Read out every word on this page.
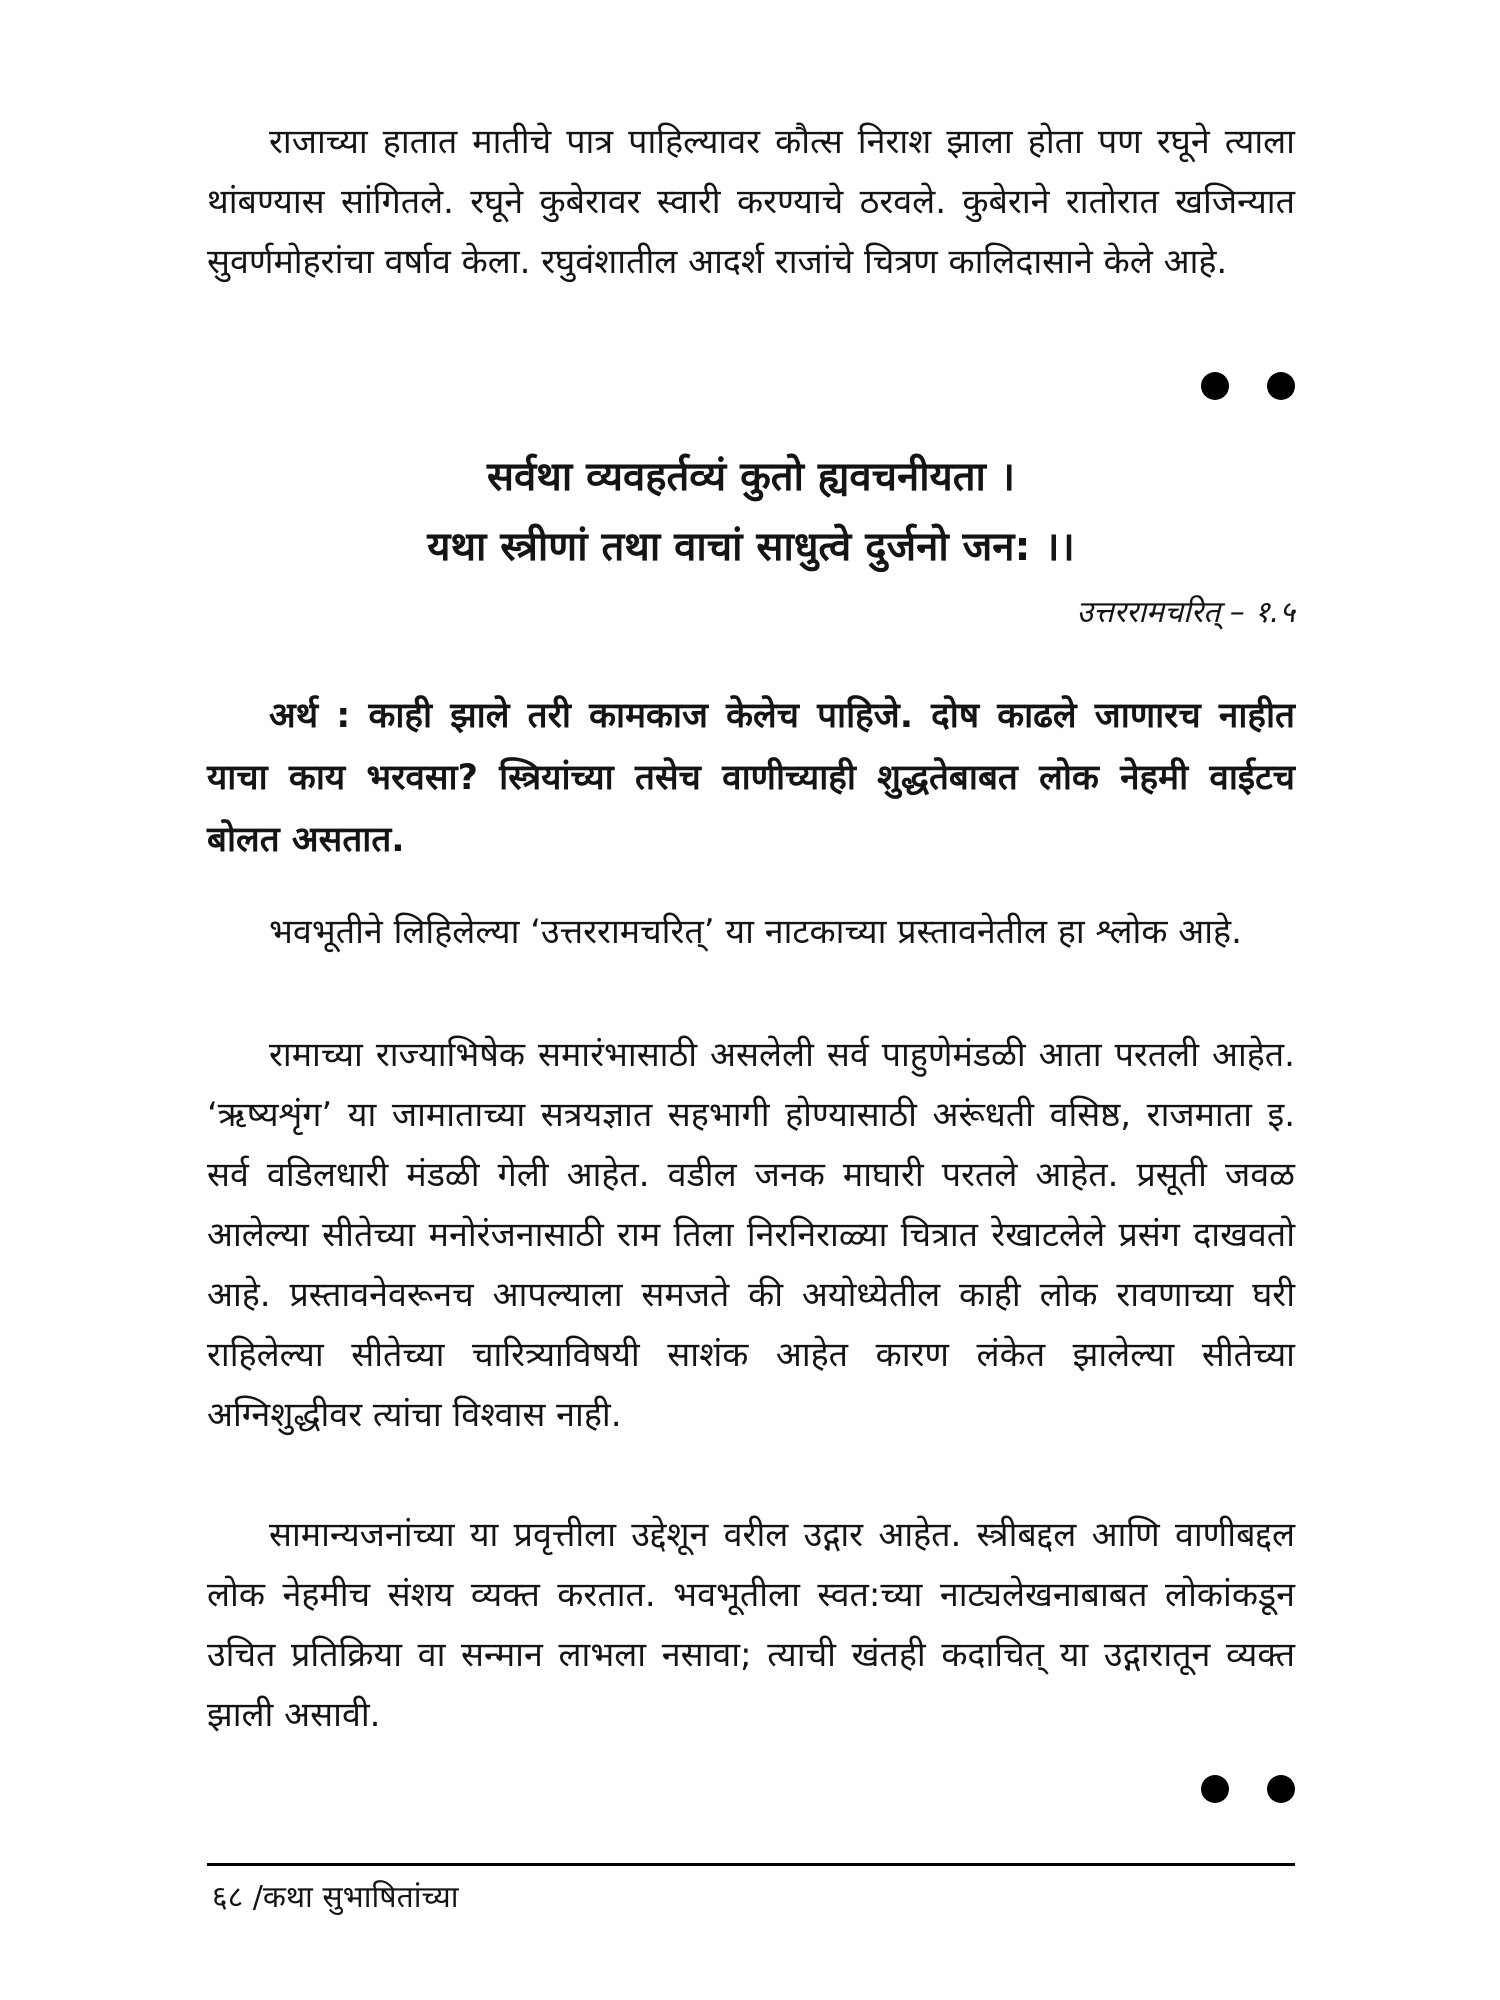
राजाच्या हातात मातीचे पात्र पाहिल्यावर कौत्स निराश झाला होता पण रघूने त्याला थांबण्यास सांगितले. रघूने कुबेरावर स्वारी करण्याचे ठरवले. कुबेराने रातोरात खजिन्यात सुवर्णमोहरांचा वर्षाव केला. रघुवंशातील आदर्श राजांचे चित्रण कालिदासाने केले आहे.

सर्वथा व्यवहर्तव्यं कुतो ह्यवचनीयता ।
यथा स्त्रीणां तथा वाचां साधुत्वे दुर्जनो जन: ।।
उत्तररामचरित् – १.५

अर्थ : काही झाले तरी कामकाज केलेच पाहिजे. दोष काढले जाणारच नाहीत याचा काय भरवसा? स्त्रियांच्या तसेच वाणीच्याही शुद्धतेबाबत लोक नेहमी वाईटच बोलत असतात.

भवभूतीने लिहिलेल्या ‘उत्तररामचरित्’ या नाटकाच्या प्रस्तावनेतील हा श्लोक आहे.

रामाच्या राज्याभिषेक समारंभासाठी असलेली सर्व पाहुणेमंडळी आता परतली आहेत. ‘ऋष्यशृंग’ या जामाताच्या सत्रयज्ञात सहभागी होण्यासाठी अरूंधती वसिष्ठ, राजमाता इ. सर्व वडिलधारी मंडळी गेली आहेत. वडील जनक माघारी परतले आहेत. प्रसूती जवळ आलेल्या सीतेच्या मनोरंजनासाठी राम तिला निरनिराळ्या चित्रात रेखाटलेले प्रसंग दाखवतो आहे. प्रस्तावनेवरूनच आपल्याला समजते की अयोध्येतील काही लोक रावणाच्या घरी राहिलेल्या सीतेच्या चारित्र्याविषयी साशंक आहेत कारण लंकेत झालेल्या सीतेच्या अग्निशुद्धीवर त्यांचा विश्वास नाही.

सामान्यजनांच्या या प्रवृत्तीला उद्देशून वरील उद्गार आहेत. स्त्रीबद्दल आणि वाणीबद्दल लोक नेहमीच संशय व्यक्त करतात. भवभूतीला स्वत:च्या नाट्यलेखनाबाबत लोकांकडून उचित प्रतिक्रिया वा सन्मान लाभला नसावा; त्याची खंतही कदाचित् या उद्गारातून व्यक्त झाली असावी.

६८ /कथा सुभाषितांच्या
